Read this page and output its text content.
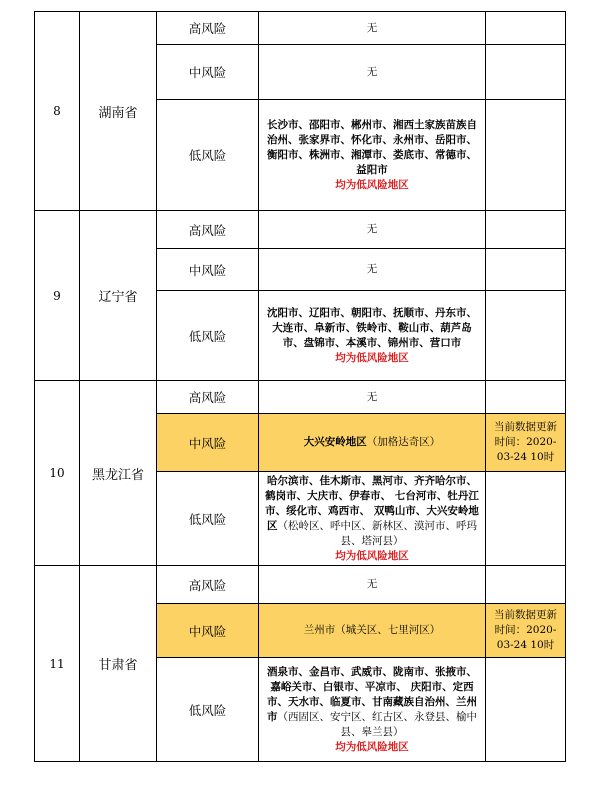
8	湖南省	高风险	无	
		中风险	无	
		低风险	长沙市、邵阳市、郴州市、湘西土家族苗族自治州、张家界市、怀化市、永州市、岳阳市、衡阳市、株洲市、湘潭市、娄底市、常德市、益阳市
均为低风险地区	

9	辽宁省	高风险	无	
		中风险	无	
		低风险	沈阳市、辽阳市、朝阳市、抚顺市、丹东市、大连市、阜新市、铁岭市、鞍山市、葫芦岛市、盘锦市、本溪市、锦州市、营口市
均为低风险地区	

10	黑龙江省	高风险	无	
		中风险	大兴安岭地区（加格达奇区）	当前数据更新时间：2020-03-24 10时
		低风险	哈尔滨市、佳木斯市、黑河市、齐齐哈尔市、鹤岗市、大庆市、伊春市、 七台河市、牡丹江市、绥化市、鸡西市、 双鸭山市、大兴安岭地区（松岭区、呼中区、新林区、漠河市、呼玛县、塔河县）
均为低风险地区	

11	甘肃省	高风险	无	
		中风险	兰州市（城关区、七里河区）	当前数据更新时间：2020-03-24 10时
		低风险	酒泉市、金昌市、武威市、陇南市、张掖市、嘉峪关市、白银市、平凉市、 庆阳市、定西市、天水市、临夏市、甘南藏族自治州、兰州市（西固区、安宁区、红古区、永登县、榆中县、皋兰县）
均为低风险地区	
